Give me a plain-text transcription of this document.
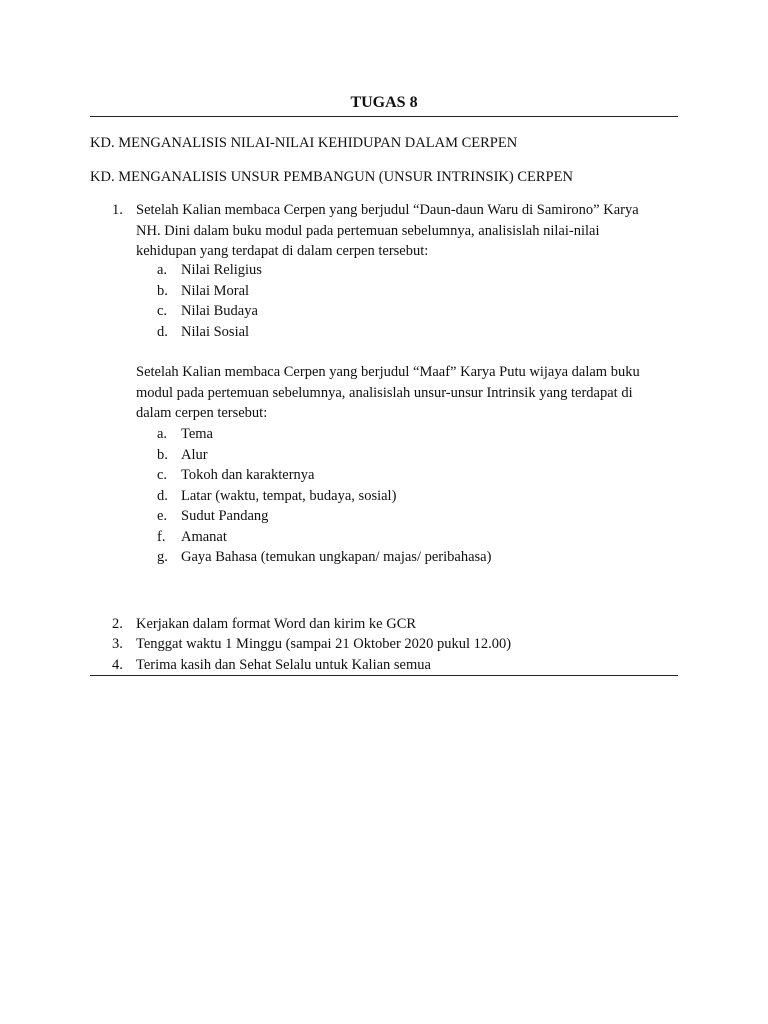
TUGAS 8
KD. MENGANALISIS NILAI-NILAI KEHIDUPAN DALAM CERPEN
KD. MENGANALISIS UNSUR PEMBANGUN (UNSUR INTRINSIK) CERPEN
1. Setelah Kalian membaca Cerpen yang berjudul “Daun-daun Waru di Samirono” Karya
NH. Dini dalam buku modul pada pertemuan sebelumnya, analisislah nilai-nilai
kehidupan yang terdapat di dalam cerpen tersebut:
a. Nilai Religius
b. Nilai Moral
c. Nilai Budaya
d. Nilai Sosial
Setelah Kalian membaca Cerpen yang berjudul “Maaf” Karya Putu wijaya dalam buku
modul pada pertemuan sebelumnya, analisislah unsur-unsur Intrinsik yang terdapat di
dalam cerpen tersebut:
a. Tema
b. Alur
c. Tokoh dan karakternya
d. Latar (waktu, tempat, budaya, sosial)
e. Sudut Pandang
f. Amanat
g. Gaya Bahasa (temukan ungkapan/ majas/ peribahasa)
2. Kerjakan dalam format Word dan kirim ke GCR
3. Tenggat waktu 1 Minggu (sampai 21 Oktober 2020 pukul 12.00)
4. Terima kasih dan Sehat Selalu untuk Kalian semua
